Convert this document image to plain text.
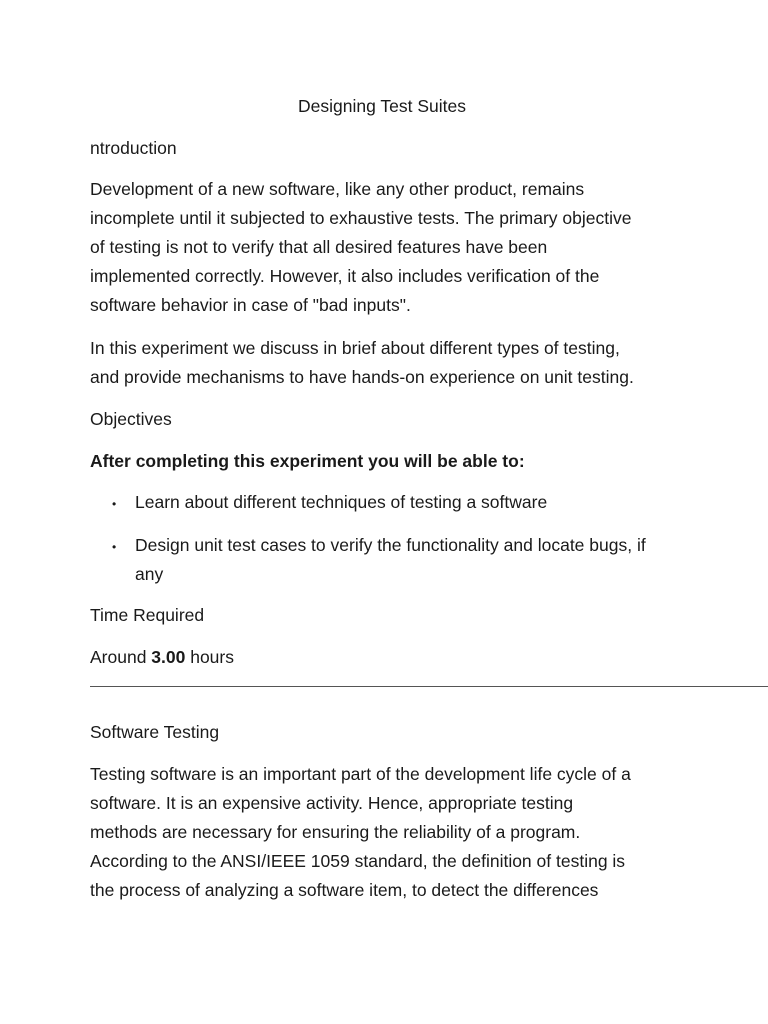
Designing Test Suites
ntroduction
Development of a new software, like any other product, remains
incomplete until it subjected to exhaustive tests. The primary objective
of testing is not to verify that all desired features have been
implemented correctly. However, it also includes verification of the
software behavior in case of "bad inputs".
In this experiment we discuss in brief about different types of testing,
and provide mechanisms to have hands-on experience on unit testing.
Objectives
After completing this experiment you will be able to:
• Learn about different techniques of testing a software
• Design unit test cases to verify the functionality and locate bugs, if
any
Time Required
Around 3.00 hours
Software Testing
Testing software is an important part of the development life cycle of a
software. It is an expensive activity. Hence, appropriate testing
methods are necessary for ensuring the reliability of a program.
According to the ANSI/IEEE 1059 standard, the definition of testing is
the process of analyzing a software item, to detect the differences
